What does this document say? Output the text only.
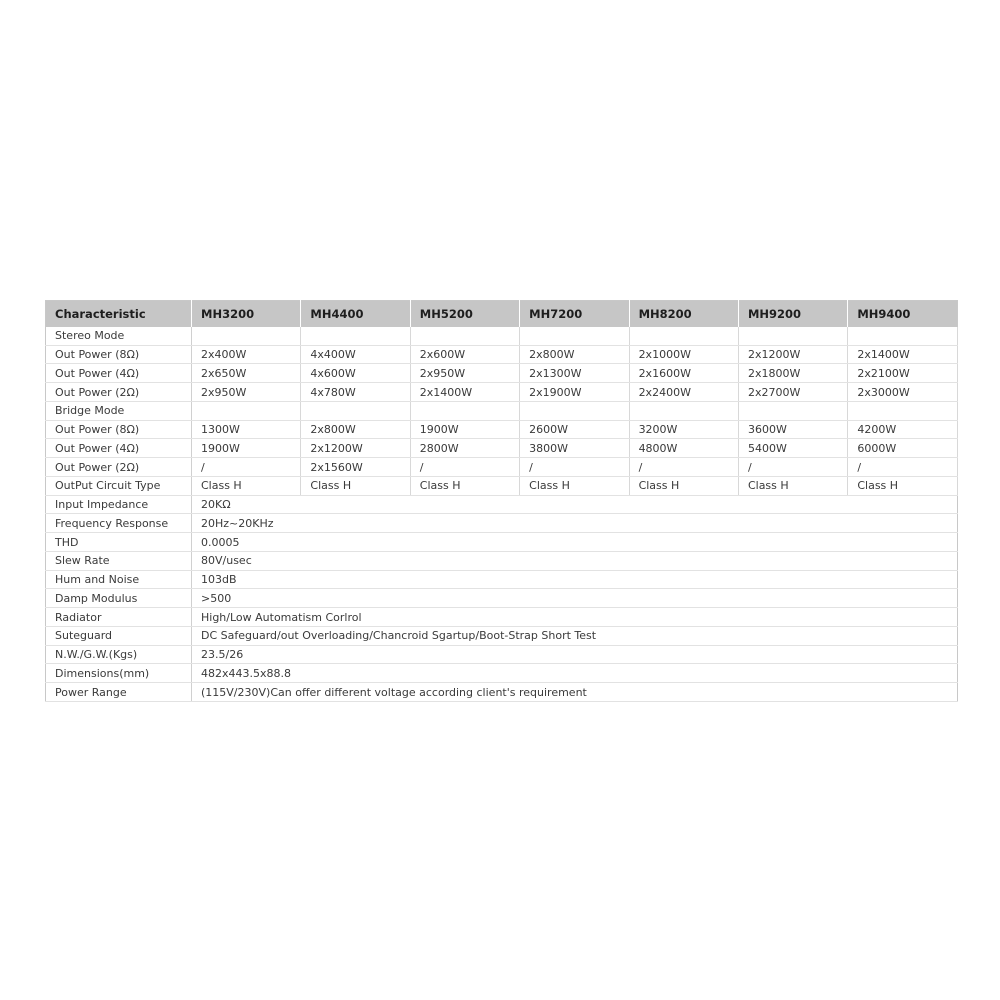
Characteristic	MH3200	MH4400	MH5200	MH7200	MH8200	MH9200	MH9400
Stereo Mode							
Out Power (8Ω)	2x400W	4x400W	2x600W	2x800W	2x1000W	2x1200W	2x1400W
Out Power (4Ω)	2x650W	4x600W	2x950W	2x1300W	2x1600W	2x1800W	2x2100W
Out Power (2Ω)	2x950W	4x780W	2x1400W	2x1900W	2x2400W	2x2700W	2x3000W
Bridge Mode							
Out Power (8Ω)	1300W	2x800W	1900W	2600W	3200W	3600W	4200W
Out Power (4Ω)	1900W	2x1200W	2800W	3800W	4800W	5400W	6000W
Out Power (2Ω)	/	2x1560W	/	/	/	/	/
OutPut Circuit Type	Class H	Class H	Class H	Class H	Class H	Class H	Class H
Input Impedance	20KΩ						
Frequency Response	20Hz~20KHz						
THD	0.0005						
Slew Rate	80V/usec						
Hum and Noise	103dB						
Damp Modulus	>500						
Radiator	High/Low Automatism Corlrol						
Suteguard	DC Safeguard/out Overloading/Chancroid Sgartup/Boot-Strap Short Test						
N.W./G.W.(Kgs)	23.5/26						
Dimensions(mm)	482x443.5x88.8						
Power Range	(115V/230V)Can offer different voltage according client's requirement						
